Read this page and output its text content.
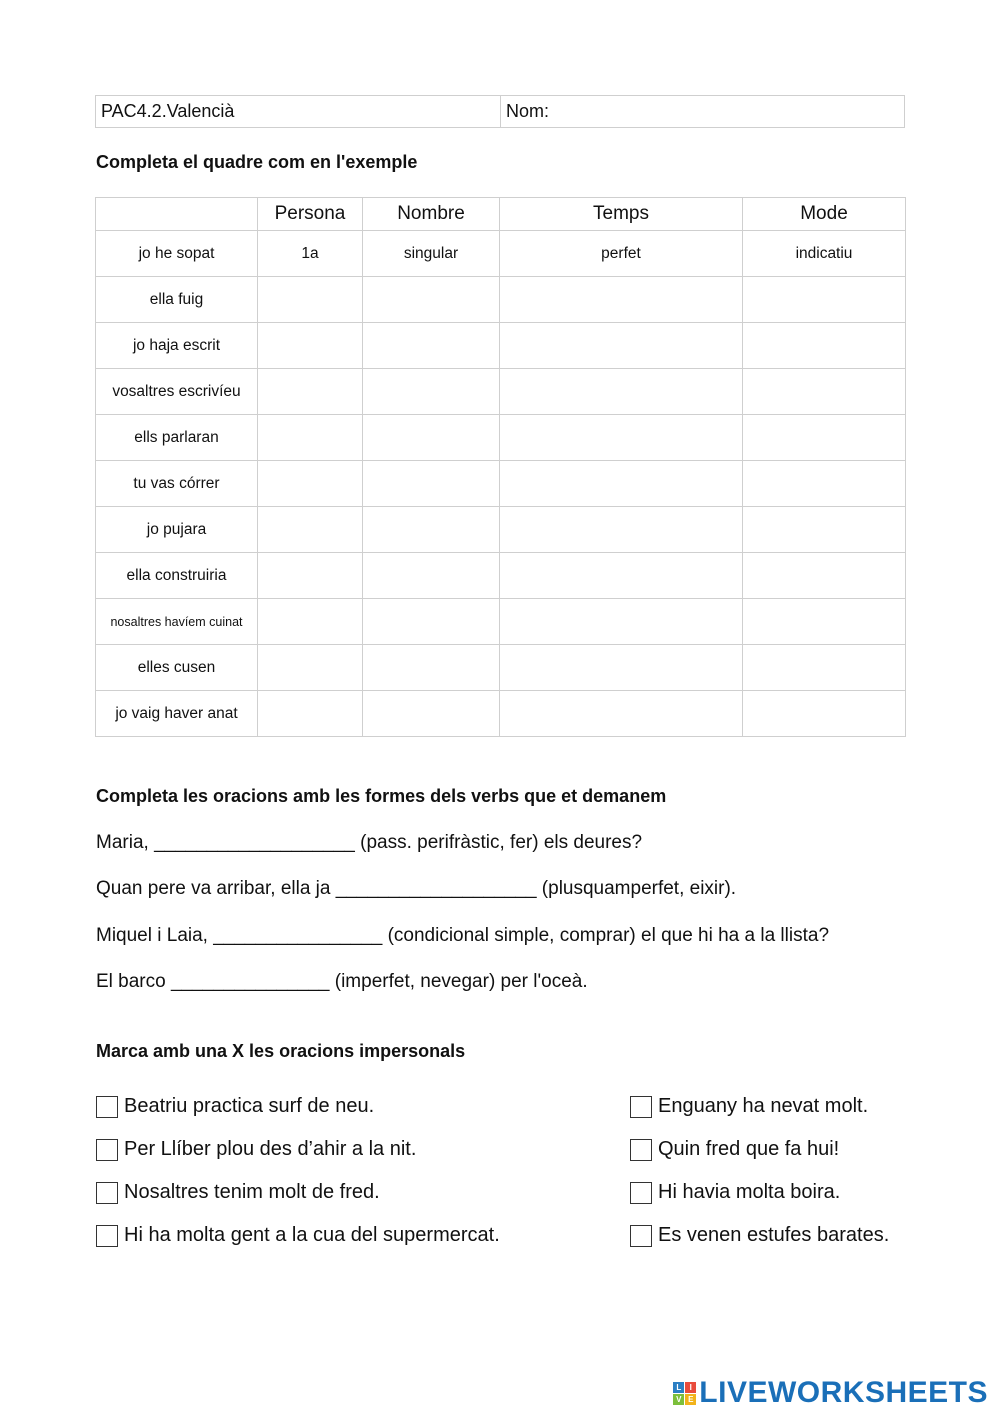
PAC4.2.Valencià	Nom:
Completa el quadre com en l'exemple
	Persona	Nombre	Temps	Mode
jo he sopat	1a	singular	perfet	indicatiu
ella fuig				
jo haja escrit				
vosaltres escrivíeu				
ells parlaran				
tu vas córrer				
jo pujara				
ella construiria				
nosaltres havíem cuinat				
elles cusen				
jo vaig haver anat				
Completa les oracions amb les formes dels verbs que et demanem
Maria, ___________________ (pass. perifràstic, fer) els deures?
Quan pere va arribar, ella ja ___________________ (plusquamperfet, eixir).
Miquel i Laia, ________________ (condicional simple, comprar) el que hi ha a la llista?
El barco _______________ (imperfet, nevegar) per l'oceà.
Marca amb una X les oracions impersonals
Beatriu practica surf de neu.
Per Llíber plou des d’ahir a la nit.
Nosaltres tenim molt de fred.
Hi ha molta gent a la cua del supermercat.
Enguany ha nevat molt.
Quin fred que fa hui!
Hi havia molta boira.
Es venen estufes barates.
L	I
V E LIVEWORKSHEETS
